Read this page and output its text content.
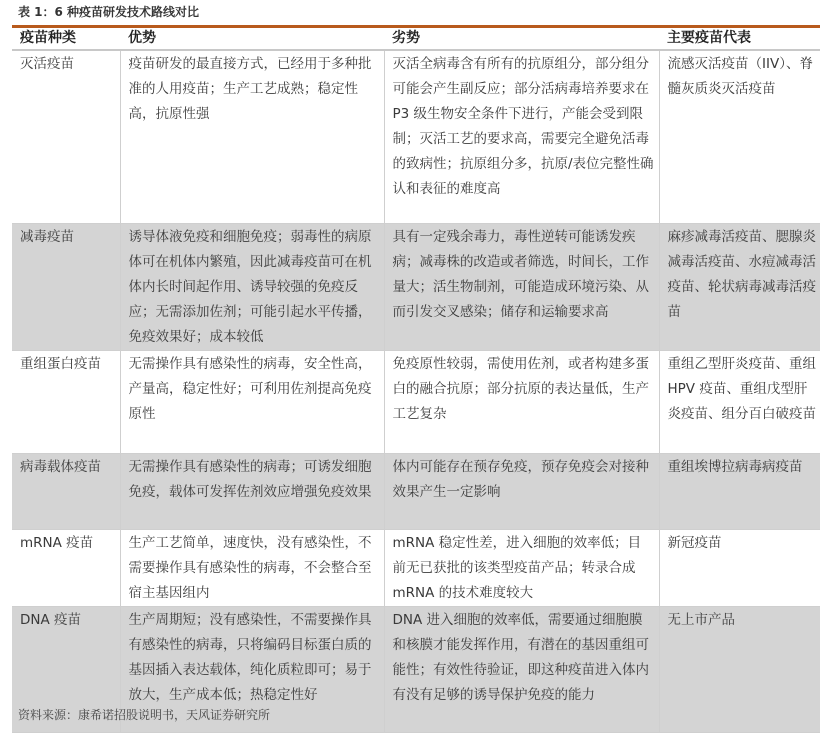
表 1：6 种疫苗研发技术路线对比
疫苗种类	优势	劣势	主要疫苗代表
灭活疫苗	疫苗研发的最直接方式，已经用于多种批准的人用疫苗；生产工艺成熟；稳定性高，抗原性强	灭活全病毒含有所有的抗原组分，部分组分可能会产生副反应；部分活病毒培养要求在 P3 级生物安全条件下进行，产能会受到限制；灭活工艺的要求高，需要完全避免活毒的致病性；抗原组分多，抗原/表位完整性确认和表征的难度高	流感灭活疫苗（IIV）、脊髓灰质炎灭活疫苗
减毒疫苗	诱导体液免疫和细胞免疫；弱毒性的病原体可在机体内繁殖，因此减毒疫苗可在机体内长时间起作用、诱导较强的免疫反应；无需添加佐剂；可能引起水平传播，免疫效果好；成本较低	具有一定残余毒力，毒性逆转可能诱发疾病；减毒株的改造或者筛选，时间长，工作量大；活生物制剂，可能造成环境污染、从而引发交叉感染；储存和运输要求高	麻疹减毒活疫苗、腮腺炎减毒活疫苗、水痘减毒活疫苗、轮状病毒减毒活疫苗
重组蛋白疫苗	无需操作具有感染性的病毒，安全性高，产量高，稳定性好；可利用佐剂提高免疫原性	免疫原性较弱，需使用佐剂，或者构建多蛋白的融合抗原；部分抗原的表达量低，生产工艺复杂	重组乙型肝炎疫苗、重组 HPV 疫苗、重组戊型肝炎疫苗、组分百白破疫苗
病毒载体疫苗	无需操作具有感染性的病毒；可诱发细胞免疫，载体可发挥佐剂效应增强免疫效果	体内可能存在预存免疫，预存免疫会对接种效果产生一定影响	重组埃博拉病毒病疫苗
mRNA 疫苗	生产工艺简单，速度快，没有感染性，不需要操作具有感染性的病毒，不会整合至宿主基因组内	mRNA 稳定性差，进入细胞的效率低；目前无已获批的该类型疫苗产品；转录合成 mRNA 的技术难度较大	新冠疫苗
DNA 疫苗	生产周期短；没有感染性，不需要操作具有感染性的病毒，只将编码目标蛋白质的基因插入表达载体，纯化质粒即可；易于放大，生产成本低；热稳定性好	DNA 进入细胞的效率低，需要通过细胞膜和核膜才能发挥作用，有潜在的基因重组可能性；有效性待验证，即这种疫苗进入体内有没有足够的诱导保护免疫的能力	无上市产品
资料来源：康希诺招股说明书，天风证券研究所
